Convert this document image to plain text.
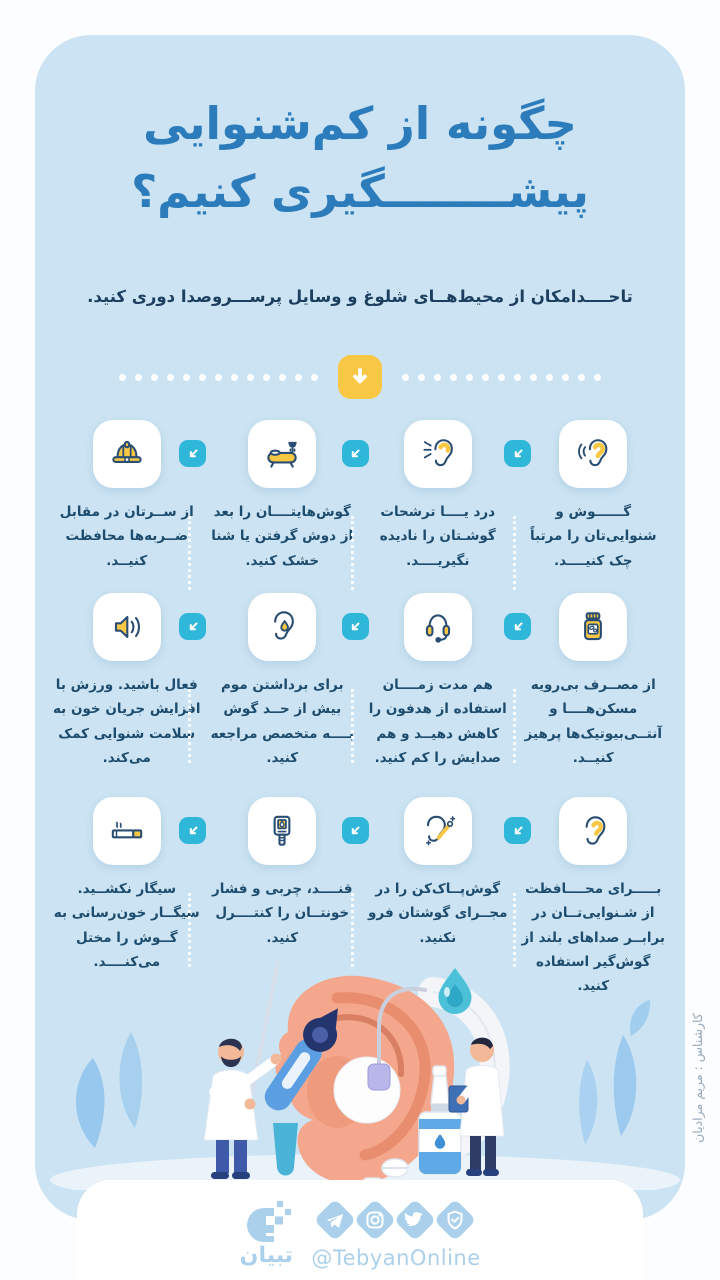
چگونه از کم‌شنوایی
پیشــــــــگیری کنیم؟
تاحــــدامکان از محیط‌هــای شلوغ و وسایل پرســـروصدا دوری کنید.

گــــــوش و شنوایی‌تان را مرتباً چک کنیــــد.

درد یــــا ترشحات گوشـتان را نادیده نگیریــــد.

گوش‌هایتــــان را بعد از دوش گرفتن یا شنا خشک کنید.

از ســرتان در مقابل ضــربه‌ها محافظت کنیــد.

از مصــرف بی‌رویه مسکن‌هــــا و آنتــی‌بیوتیک‌ها پرهیز کنیــد.

هم مدت زمــــان استفاده از هدفون را کاهش دهیــد و هم صدایش را کم کنید.

برای برداشتن موم بیش از حــد گوش بــــه متخصص مراجعه کنید.

فعال باشید. ورزش با افزایش جریان خون به سلامت شنوایی کمک می‌کند.

بـــــرای محــــافظت از شـنوایی‌تــان در برابــر صداهای بلند از گوش‌گیر استفاده کنید.

گوش‌پــاک‌کن را در مجــرای گوشتان فرو نکنید.

قنــــد، چربی و فشار خونتــان را کنتــــرل کنید.

سیگار نکشــید. سیگــار خون‌رسانی به گــوش را مختل می‌کنــــد.

کارشناس : مریم مرادیان
تبیان @TebyanOnline
